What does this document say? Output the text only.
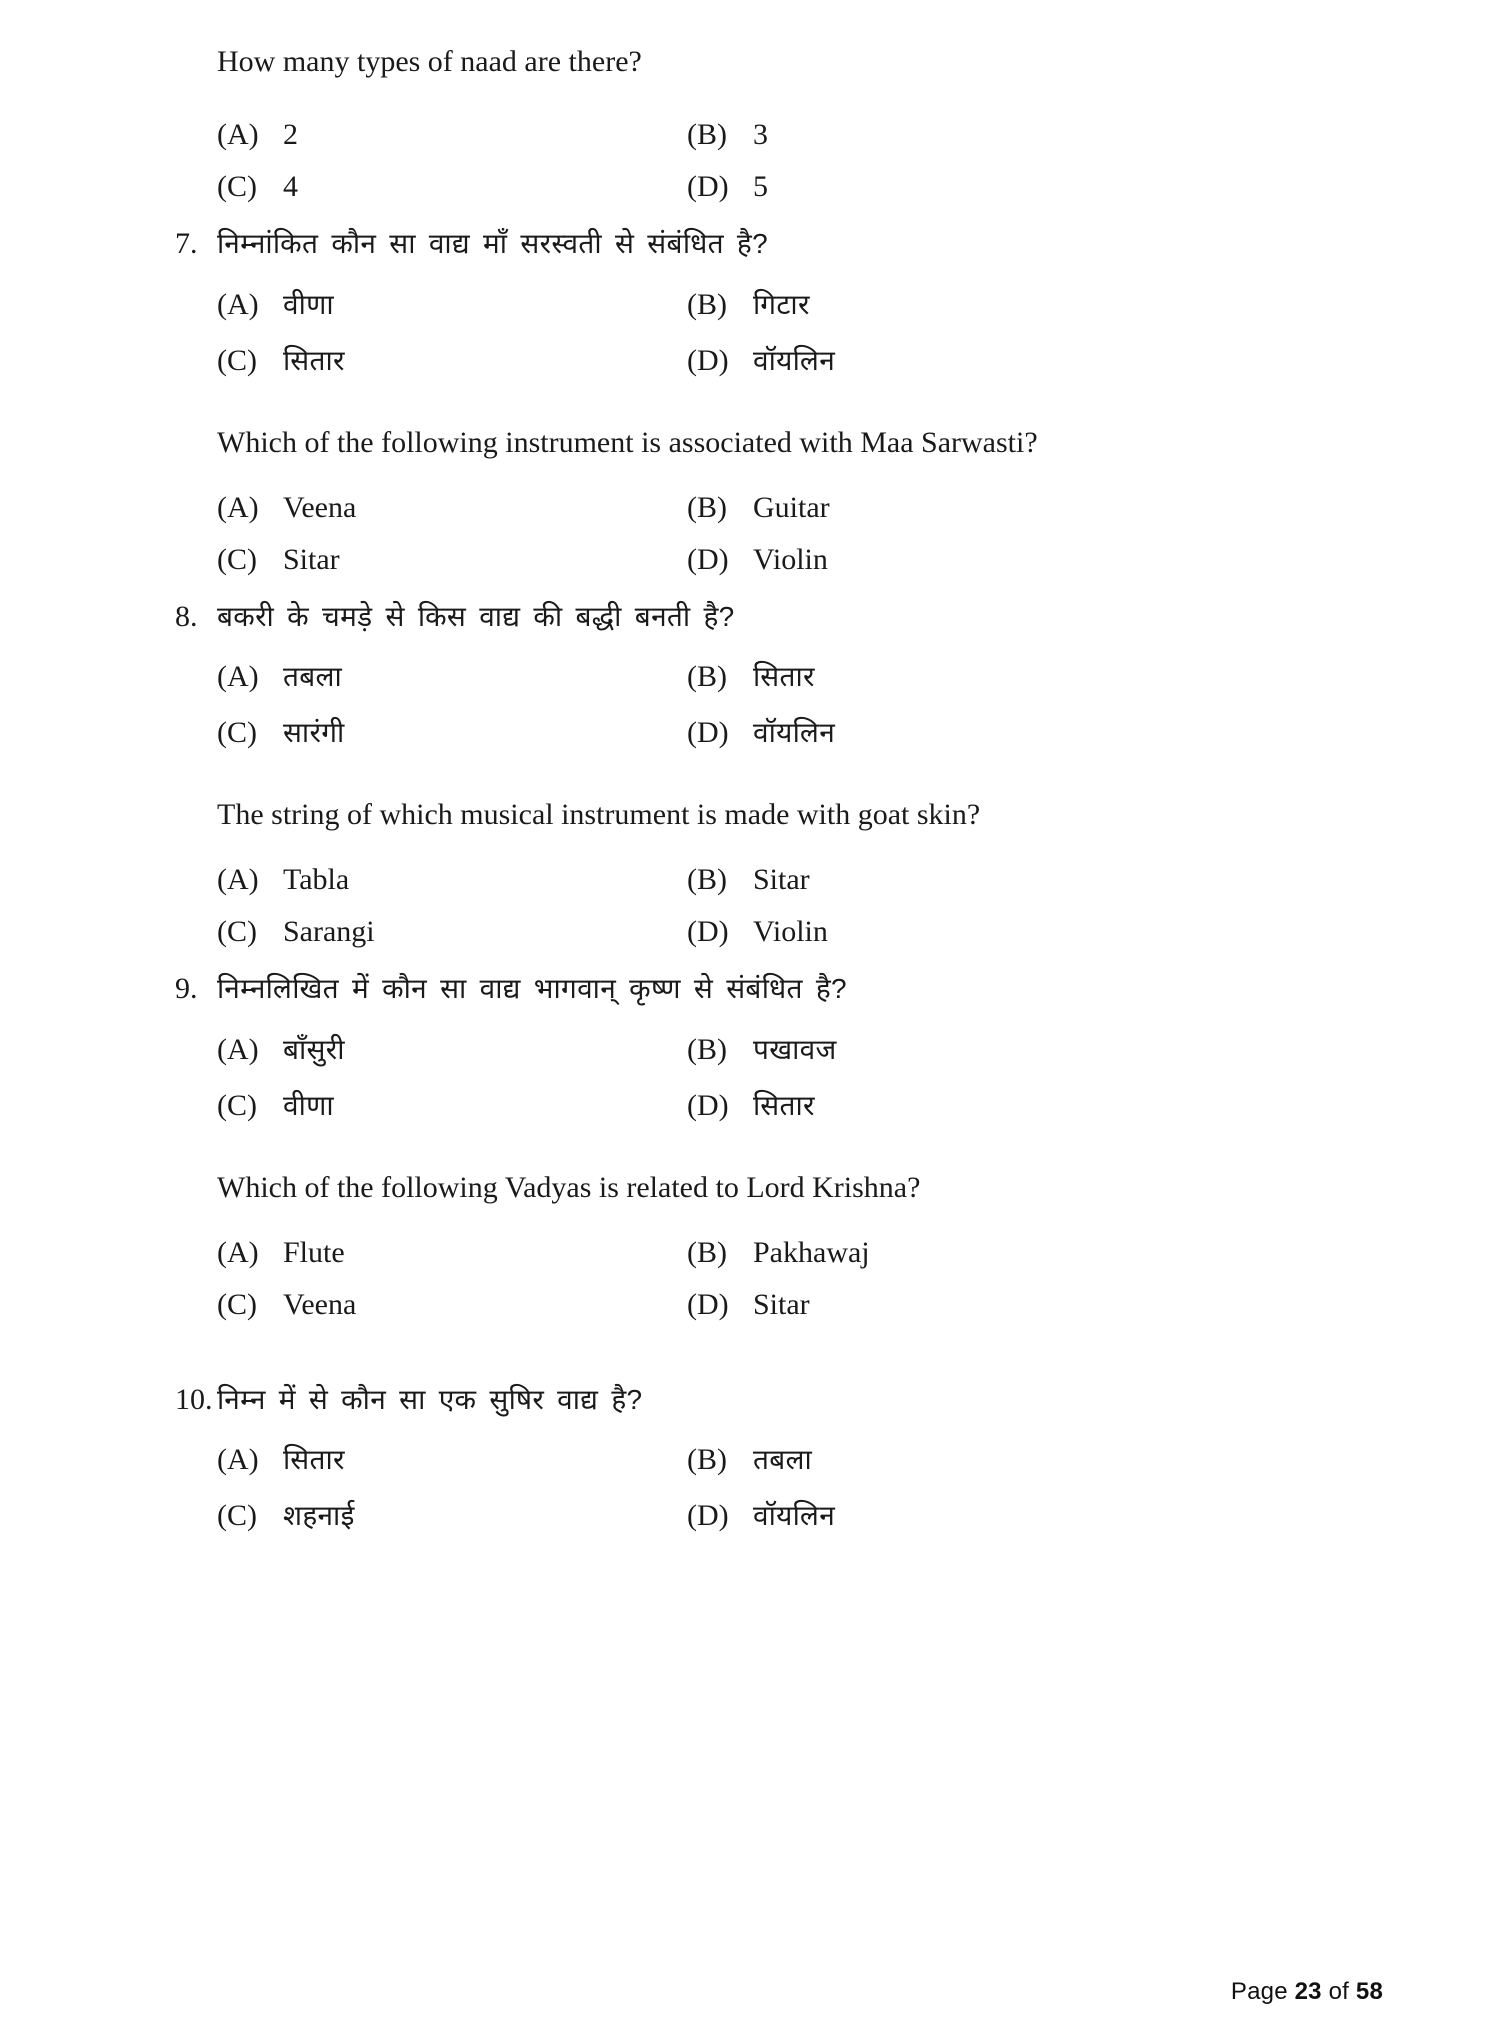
How many types of naad are there?
(A) 2	(B) 3
(C) 4	(D) 5
7. निम्नांकित कौन सा वाद्य माँ सरस्वती से संबंधित है?
(A) वीणा	(B) गिटार
(C) सितार	(D) वॉयलिन
Which of the following instrument is associated with Maa Sarwasti?
(A) Veena	(B) Guitar
(C) Sitar	(D) Violin
8. बकरी के चमड़े से किस वाद्य की बद्धी बनती है?
(A) तबला	(B) सितार
(C) सारंगी	(D) वॉयलिन
The string of which musical instrument is made with goat skin?
(A) Tabla	(B) Sitar
(C) Sarangi	(D) Violin
9. निम्नलिखित में कौन सा वाद्य भागवान् कृष्ण से संबंधित है?
(A) बाँसुरी	(B) पखावज
(C) वीणा	(D) सितार
Which of the following Vadyas is related to Lord Krishna?
(A) Flute	(B) Pakhawaj
(C) Veena	(D) Sitar
10. निम्न में से कौन सा एक सुषिर वाद्य है?
(A) सितार	(B) तबला
(C) शहनाई	(D) वॉयलिन
Page 23 of 58
